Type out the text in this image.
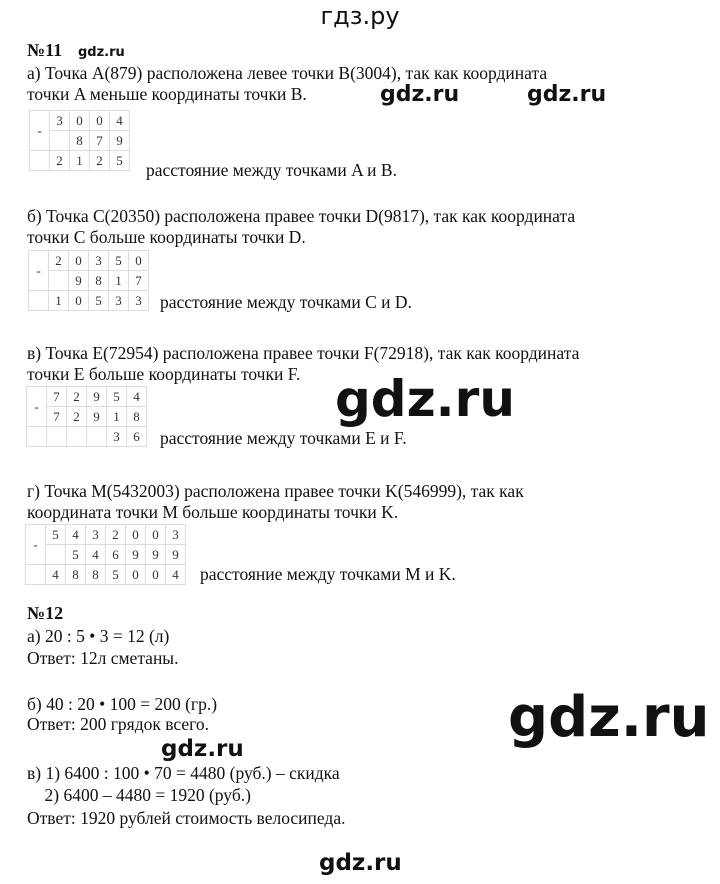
гдз.ру
№11
а) Точка A(879) расположена левее точки B(3004), так как координата
точки A меньше координаты точки B.
-	3	0	0	4
		8	7	9
	2	1	2	5 расстояние между точками A и B.
б) Точка C(20350) расположена правее точки D(9817), так как координата
точки C больше координаты точки D.
-	2	0	3	5	0
		9	8	1	7
	1	0	5	3	3 расстояние между точками C и D.
в) Точка E(72954) расположена правее точки F(72918), так как координата
точки E больше координаты точки F.
-	7	2	9	5	4
	7	2	9	1	8
				3	6 расстояние между точками E и F.
г) Точка M(5432003) расположена правее точки K(546999), так как
координата точки M больше координаты точки K.
-	5	4	3	2	0	0	3
		5	4	6	9	9	9
	4	8	8	5	0	0	4 расстояние между точками M и K.
№12
а) 20 : 5 • 3 = 12 (л)
Ответ: 12л сметаны.
б) 40 : 20 • 100 = 200 (гр.)
Ответ: 200 грядок всего.
в) 1) 6400 : 100 • 70 = 4480 (руб.) – скидка
2) 6400 – 4480 = 1920 (руб.)
Ответ: 1920 рублей стоимость велосипеда.
gdz.ru
gdz.ru	gdz.ru
gdz.ru
gdz.ru
gdz.ru
gdz.ru
